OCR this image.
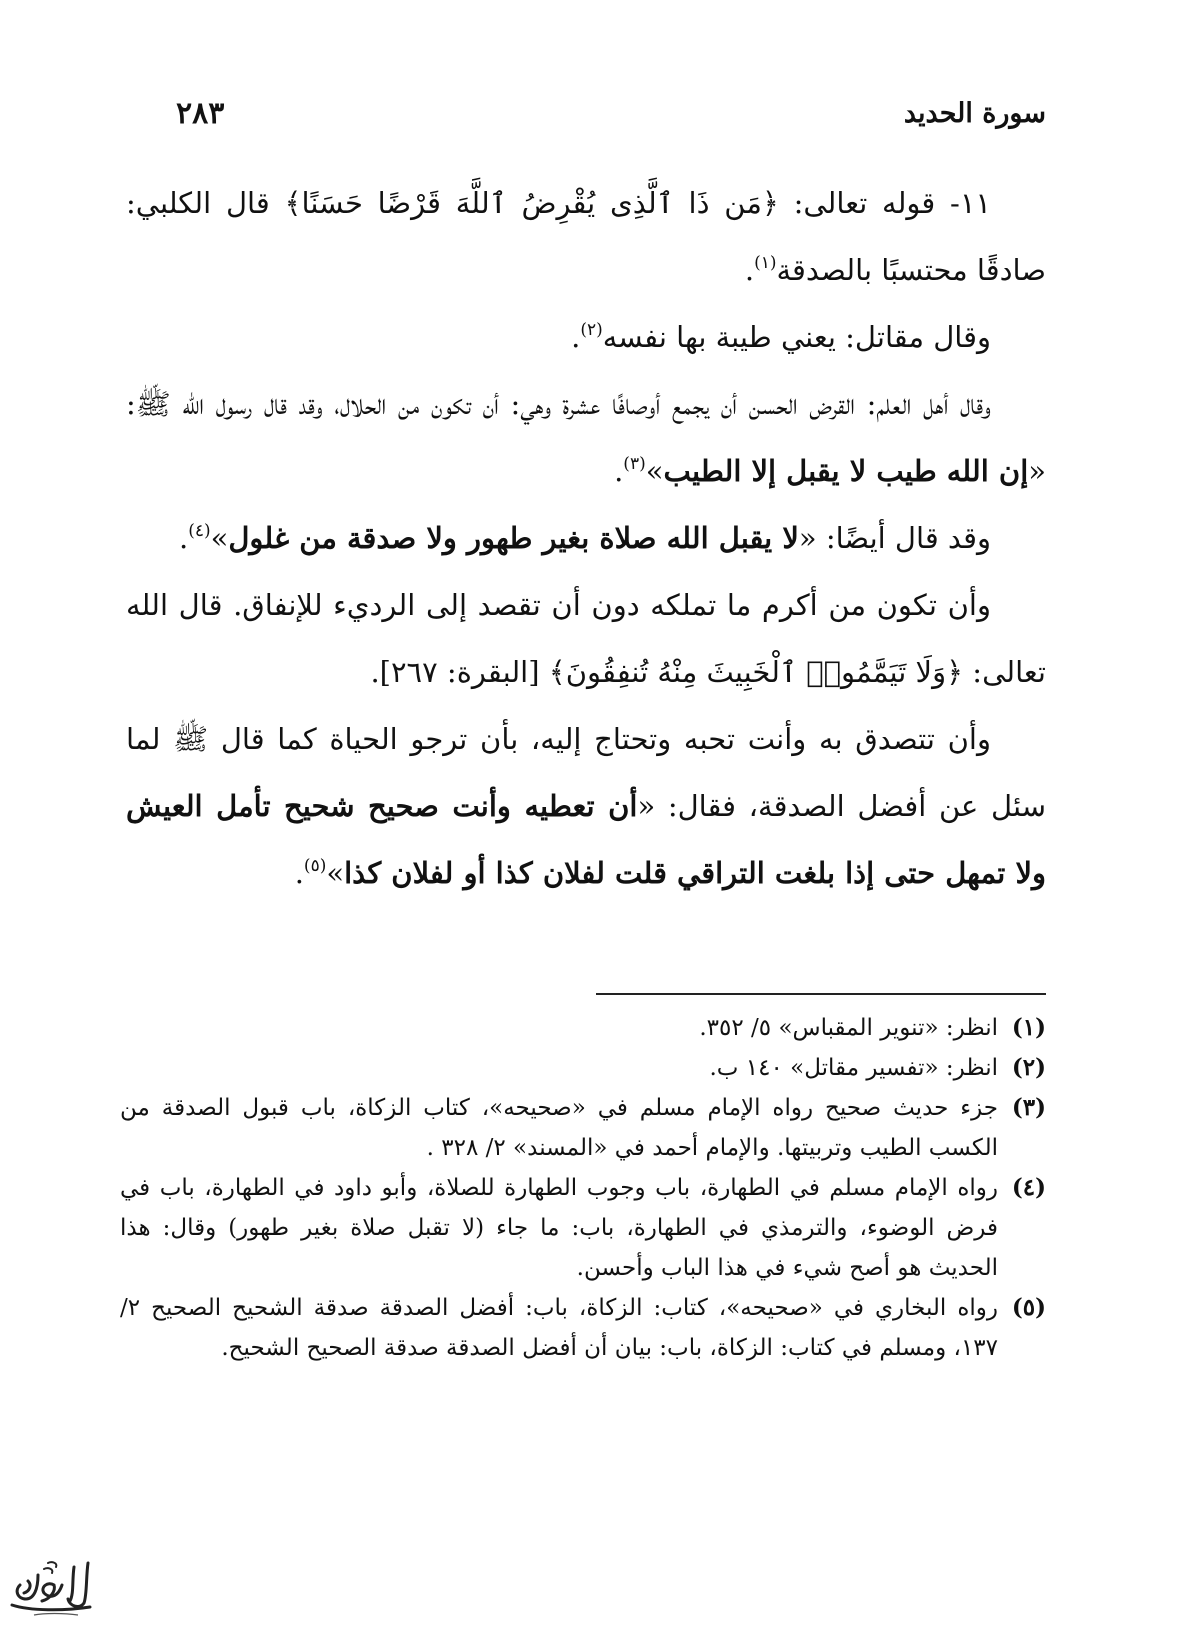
سورة الحديد
٢٨٣

١١- قوله تعالى: ﴿مَن ذَا ٱلَّذِى يُقْرِضُ ٱللَّهَ قَرْضًا حَسَنًا﴾ قال الكلبي: صادقًا محتسبًا بالصدقة$^{(١)}$.

وقال مقاتل: يعني طيبة بها نفسه$^{(٢)}$.

وقال أهل العلم: القرض الحسن أن يجمع أوصافًا عشرة وهي: أن تكون من الحلال، وقد قال رسول الله ﷺ: «إن الله طيب لا يقبل إلا الطيب»$^{(٣)}$.

وقد قال أيضًا: «لا يقبل الله صلاة بغير طهور ولا صدقة من غلول»$^{(٤)}$.

وأن تكون من أكرم ما تملكه دون أن تقصد إلى الرديء للإنفاق. قال الله تعالى: ﴿وَلَا تَيَمَّمُوا۟ ٱلْخَبِيثَ مِنْهُ تُنفِقُونَ﴾ [البقرة: ٢٦٧].

وأن تتصدق به وأنت تحبه وتحتاج إليه، بأن ترجو الحياة كما قال ﷺ لما سئل عن أفضل الصدقة، فقال: «أن تعطيه وأنت صحيح شحيح تأمل العيش ولا تمهل حتى إذا بلغت التراقي قلت لفلان كذا أو لفلان كذا»$^{(٥)}$.

(١)
انظر: «تنوير المقباس» ٥/ ٣٥٢.
(٢)
انظر: «تفسير مقاتل» ١٤٠ ب.
(٣)
جزء حديث صحيح رواه الإمام مسلم في «صحيحه»، كتاب الزكاة، باب قبول الصدقة من الكسب الطيب وتربيتها. والإمام أحمد في «المسند» ٢/ ٣٢٨ .
(٤)
رواه الإمام مسلم في الطهارة، باب وجوب الطهارة للصلاة، وأبو داود في الطهارة، باب في فرض الوضوء، والترمذي في الطهارة، باب: ما جاء (لا تقبل صلاة بغير طهور) وقال: هذا الحديث هو أصح شيء في هذا الباب وأحسن.
(٥)
رواه البخاري في «صحيحه»، كتاب: الزكاة، باب: أفضل الصدقة صدقة الشحيح الصحيح ٢/ ١٣٧، ومسلم في كتاب: الزكاة، باب: بيان أن أفضل الصدقة صدقة الصحيح الشحيح.
